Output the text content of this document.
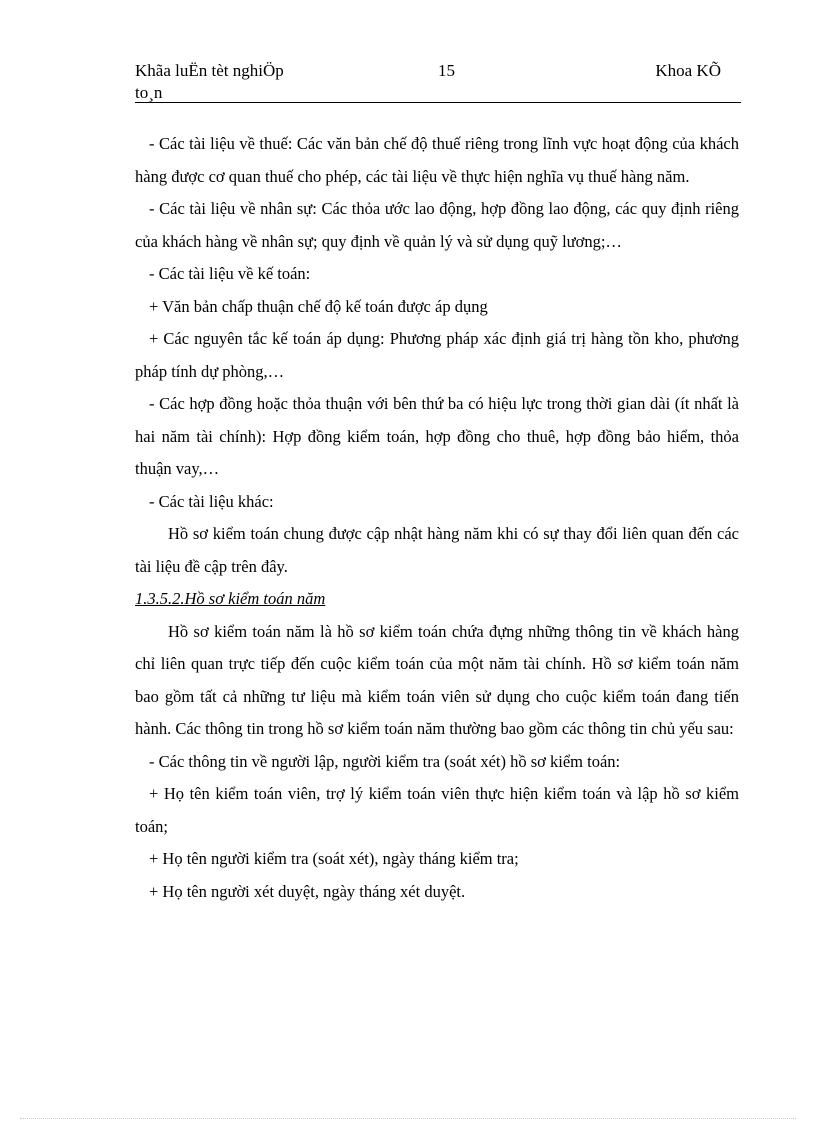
Khãa luËn tèt nghiÖp
to¸n
15	Khoa KÕ

- Các tài liệu về thuế: Các văn bản chế độ thuế riêng trong lĩnh vực hoạt động của khách hàng được cơ quan thuế cho phép, các tài liệu về thực hiện nghĩa vụ thuế hàng năm.

- Các tài liệu về nhân sự: Các thỏa ước lao động, hợp đồng lao động, các quy định riêng của khách hàng về nhân sự; quy định về quản lý và sử dụng quỹ lương;…

- Các tài liệu về kế toán:

+ Văn bản chấp thuận chế độ kế toán được áp dụng

+ Các nguyên tắc kế toán áp dụng: Phương pháp xác định giá trị hàng tồn kho, phương pháp tính dự phòng,…

- Các hợp đồng hoặc thỏa thuận với bên thứ ba có hiệu lực trong thời gian dài (ít nhất là hai năm tài chính): Hợp đồng kiểm toán, hợp đồng cho thuê, hợp đồng bảo hiểm, thỏa thuận vay,…

- Các tài liệu khác:

Hồ sơ kiểm toán chung được cập nhật hàng năm khi có sự thay đổi liên quan đến các tài liệu đề cập trên đây.

1.3.5.2.Hồ sơ kiểm toán năm

Hồ sơ kiểm toán năm là hồ sơ kiểm toán chứa đựng những thông tin về khách hàng chỉ liên quan trực tiếp đến cuộc kiểm toán của một năm tài chính. Hồ sơ kiểm toán năm bao gồm tất cả những tư liệu mà kiểm toán viên sử dụng cho cuộc kiểm toán đang tiến hành. Các thông tin trong hồ sơ kiểm toán năm thường bao gồm các thông tin chủ yếu sau:

- Các thông tin về người lập, người kiểm tra (soát xét) hồ sơ kiểm toán:

+ Họ tên kiểm toán viên, trợ lý kiểm toán viên thực hiện kiểm toán và lập hồ sơ kiểm toán;

+ Họ tên người kiểm tra (soát xét), ngày tháng kiểm tra;

+ Họ tên người xét duyệt, ngày tháng xét duyệt.
